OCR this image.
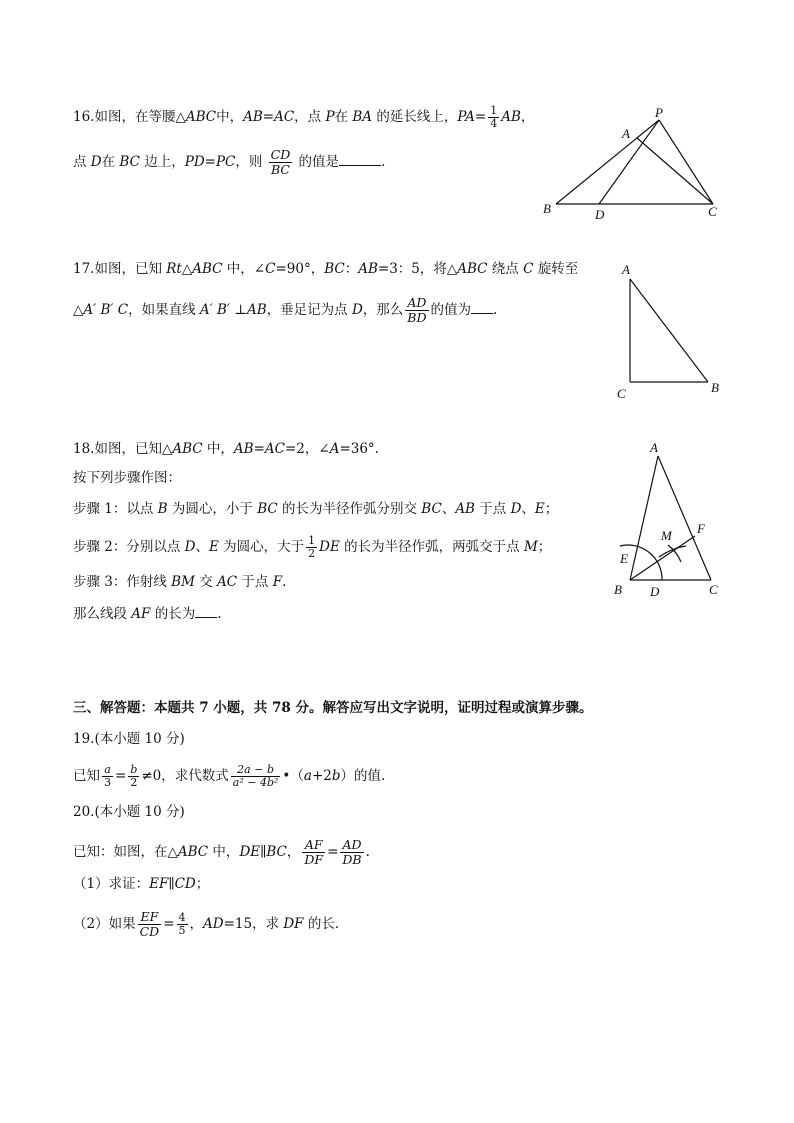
16.如图，在等腰△ABC中，AB=AC，点 P在 BA 的延长线上，$PA= \frac{1}{4}$ AB，
点 D在 BC 边上，PD=PC，则 $\frac{CD}{BC}$ 的值是	.
P
A
B	D	C
17.如图，已知 Rt△ABC 中，∠C=90°，BC：AB=3：5，将△ABC 绕点 C 旋转至
△A′ B′ C，如果直线 A′ B′ ⊥AB，垂足记为点 D，那么 $\frac{AD}{BD}$ 的值为 .
A
C	B
18.如图，已知△ABC 中，AB=AC=2，∠A=36°.
按下列步骤作图：
步骤 1：以点 B 为圆心，小于 BC 的长为半径作弧分别交 BC、AB 于点 D、E；
步骤 2：分别以点 D、E 为圆心，大于 $\frac{1}{2}$ DE 的长为半径作弧，两弧交于点 M；
步骤 3：作射线 BM 交 AC 于点 F.
那么线段 AF 的长为 .
A
M F
E
B D	C
三、解答题：本题共 7 小题，共 78 分。解答应写出文字说明，证明过程或演算步骤。
19.(本小题 10 分)
已知 $\frac{a}{3} = \frac{b}{2} \ne 0$，求代数式 $\frac{2a - b}{\text{a² − 4b²}}$ •（a+2b）的值.
20.(本小题 10 分)
已知：如图，在△ABC 中，DE∥BC， $\frac{AF}{DF} = \frac{AD}{DB}$ .
（1）求证：EF∥CD；
（2）如果 $\frac{EF}{CD} = \frac{4}{5}$ ，AD=15，求 DF 的长.
